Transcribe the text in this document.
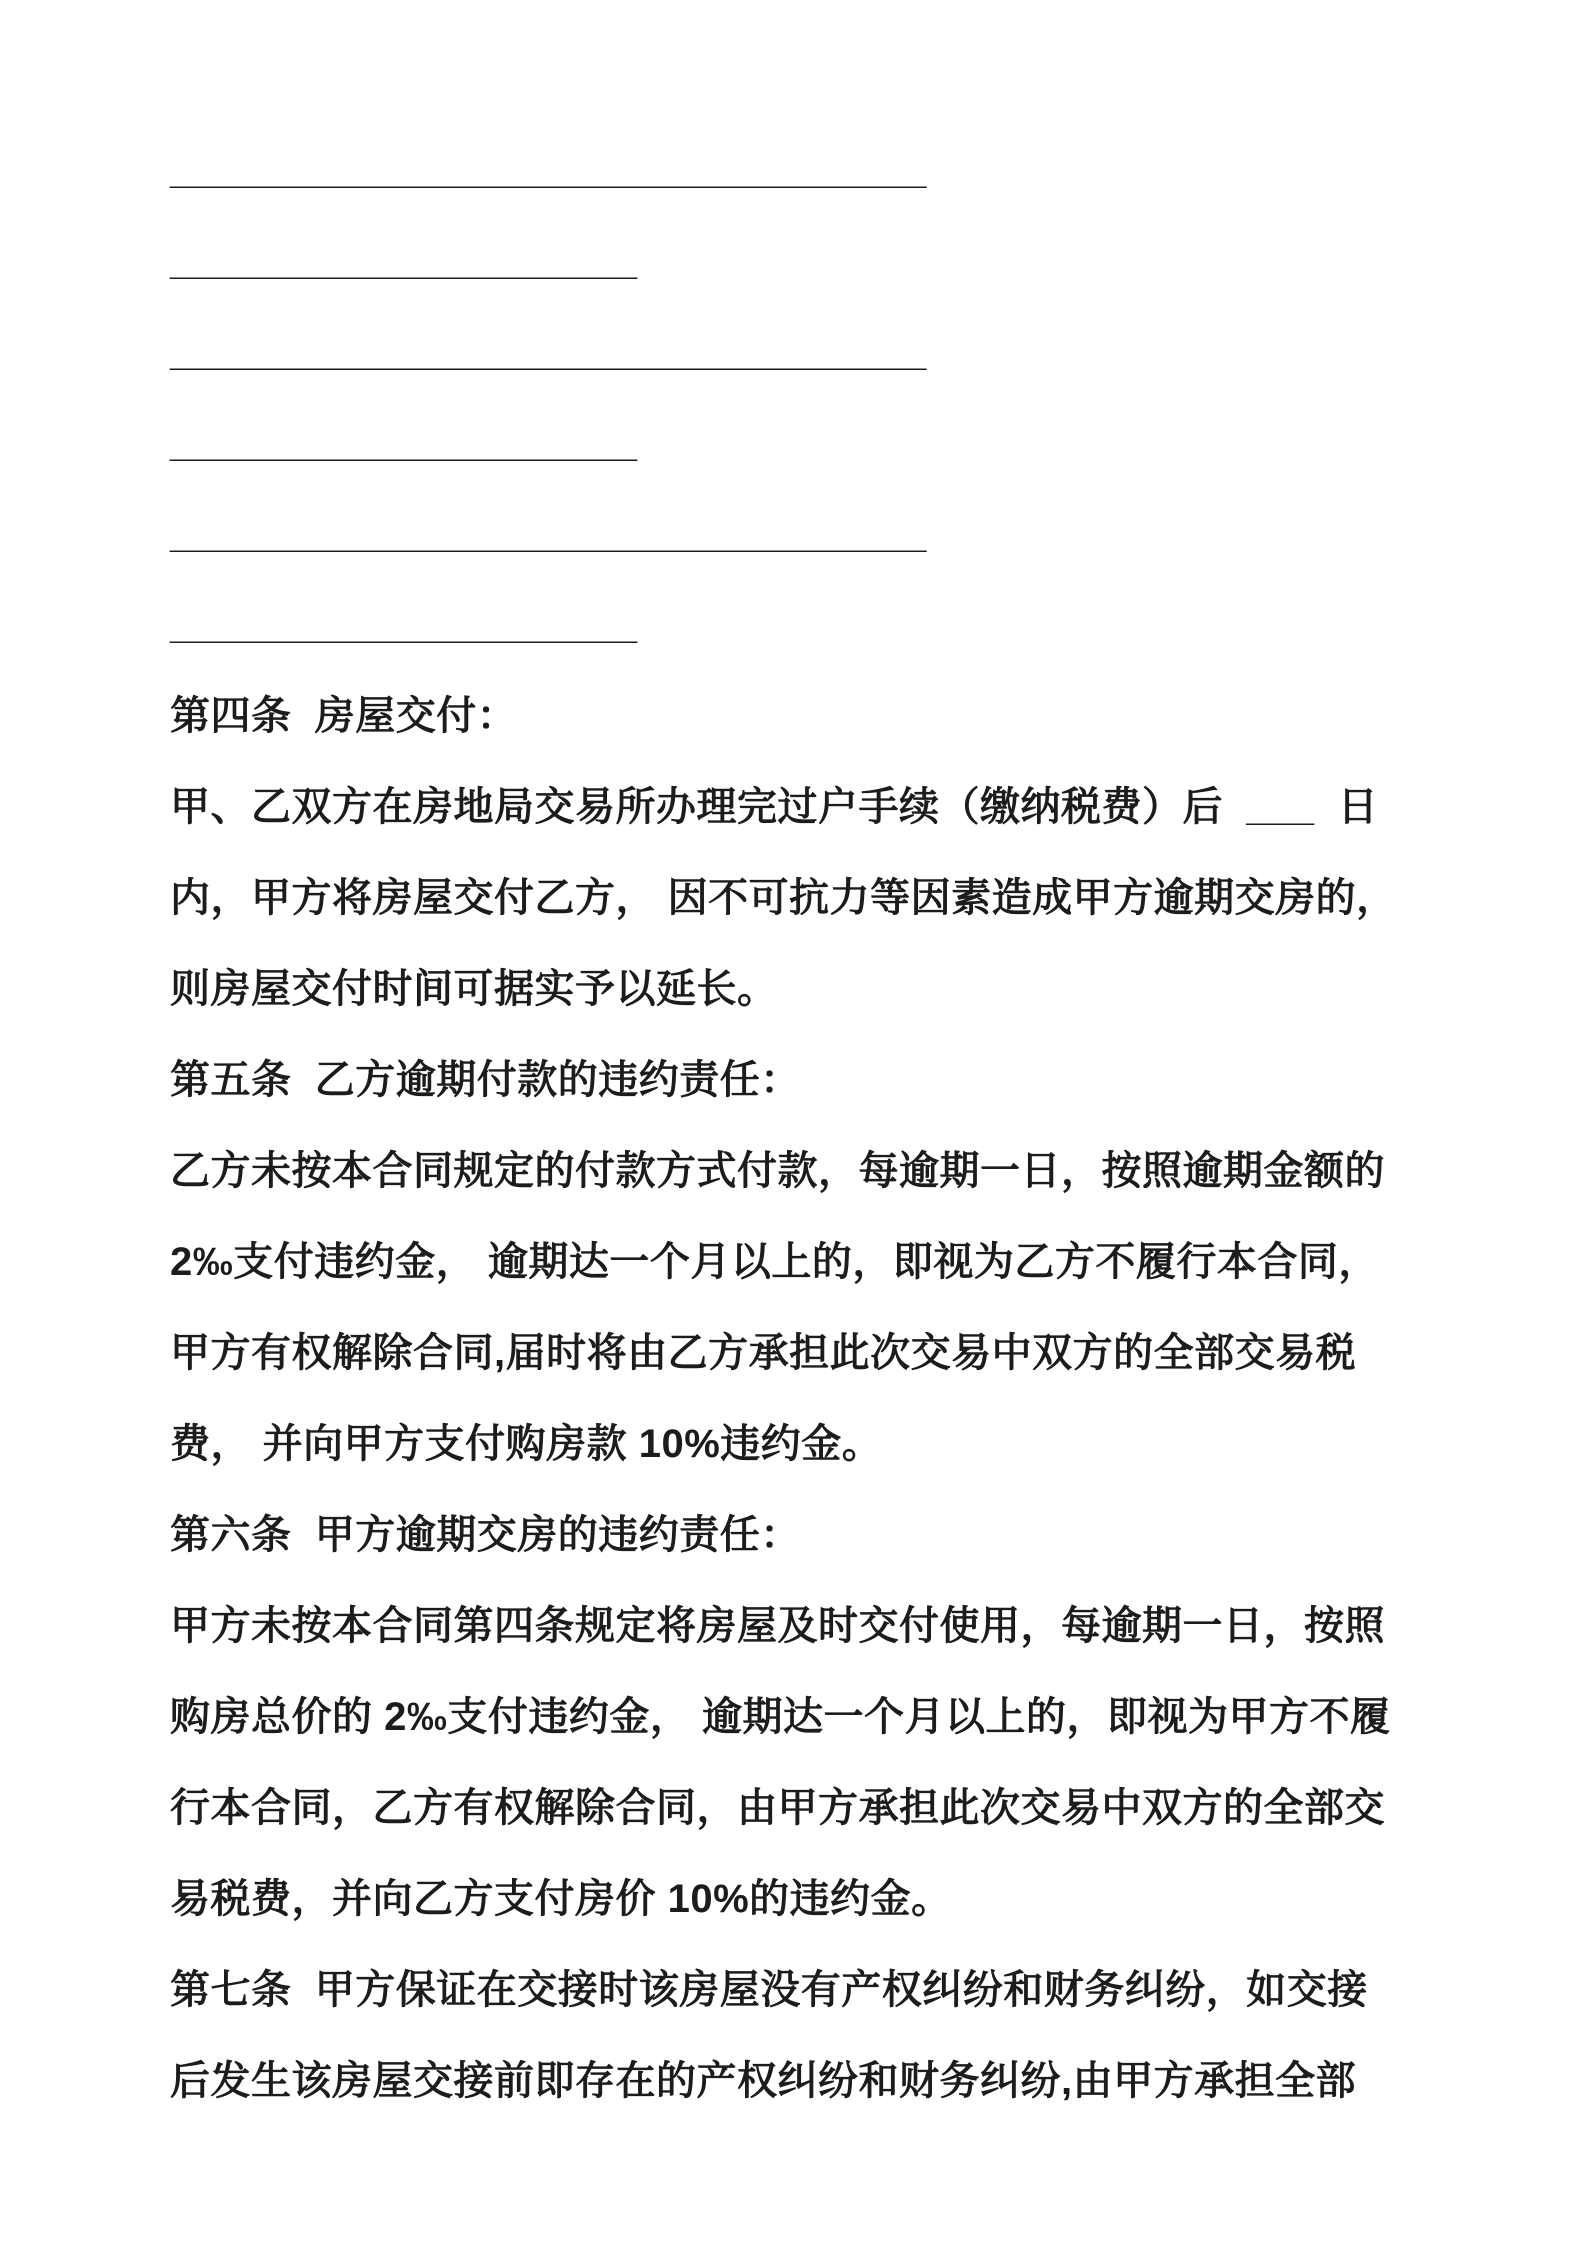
__________________________________
_____________________
__________________________________
_____________________
__________________________________
_____________________
第四条  房屋交付：
甲、乙双方在房地局交易所办理完过户手续（缴纳税费）后  ___  日
内，甲方将房屋交付乙方， 因不可抗力等因素造成甲方逾期交房的，
则房屋交付时间可据实予以延长。
第五条  乙方逾期付款的违约责任：
乙方未按本合同规定的付款方式付款，每逾期一日，按照逾期金额的
2‰支付违约金， 逾期达一个月以上的，即视为乙方不履行本合同，
甲方有权解除合同,届时将由乙方承担此次交易中双方的全部交易税
费， 并向甲方支付购房款 10%违约金。
第六条  甲方逾期交房的违约责任：
甲方未按本合同第四条规定将房屋及时交付使用，每逾期一日，按照
购房总价的 2‰支付违约金， 逾期达一个月以上的，即视为甲方不履
行本合同，乙方有权解除合同，由甲方承担此次交易中双方的全部交
易税费，并向乙方支付房价 10%的违约金。
第七条  甲方保证在交接时该房屋没有产权纠纷和财务纠纷，如交接
后发生该房屋交接前即存在的产权纠纷和财务纠纷,由甲方承担全部
